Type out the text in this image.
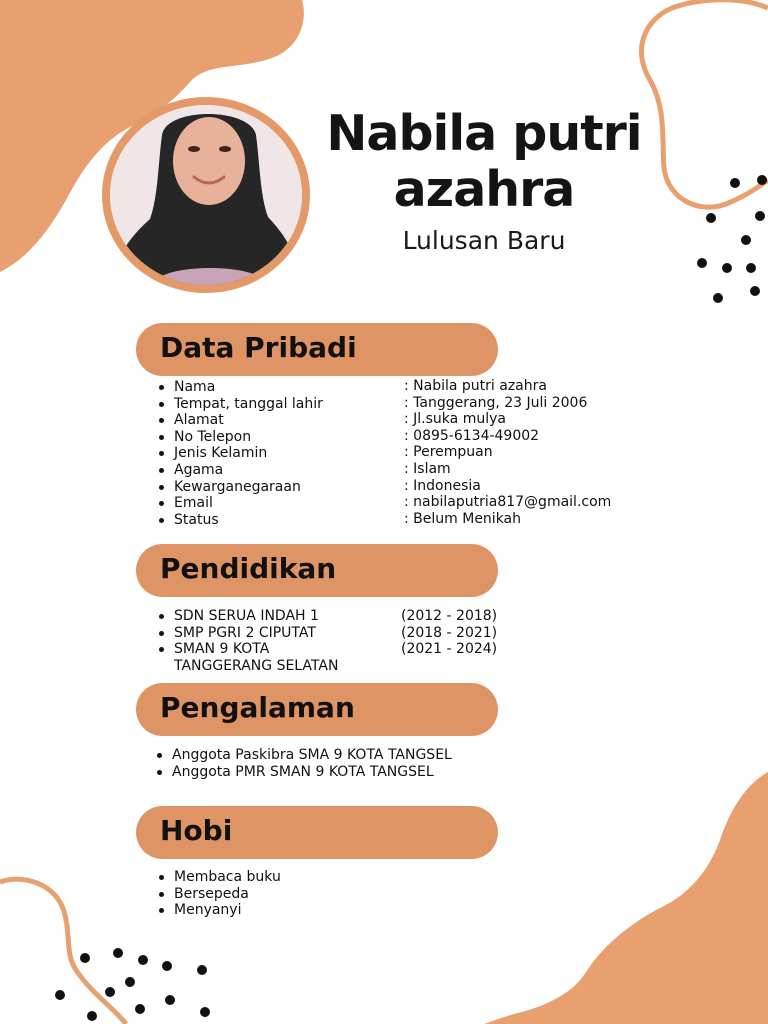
Nabila putri azahra
Lulusan Baru
Data Pribadi
Nama
Tempat, tanggal lahir
Alamat
No Telepon
Jenis Kelamin
Agama
Kewarganegaraan
Email
Status
: Nabila putri azahra
: Tanggerang, 23 Juli 2006
: Jl.suka mulya
: 0895-6134-49002
: Perempuan
: Islam
: Indonesia
: nabilaputria817@gmail.com
: Belum Menikah
Pendidikan
SDN SERUA INDAH 1
SMP PGRI 2 CIPUTAT
SMAN 9 KOTA
TANGGERANG SELATAN
(2012 - 2018)
(2018 - 2021)
(2021 - 2024)
Pengalaman
Anggota Paskibra SMA 9 KOTA TANGSEL
Anggota PMR SMAN 9 KOTA TANGSEL
Hobi
Membaca buku
Bersepeda
Menyanyi
